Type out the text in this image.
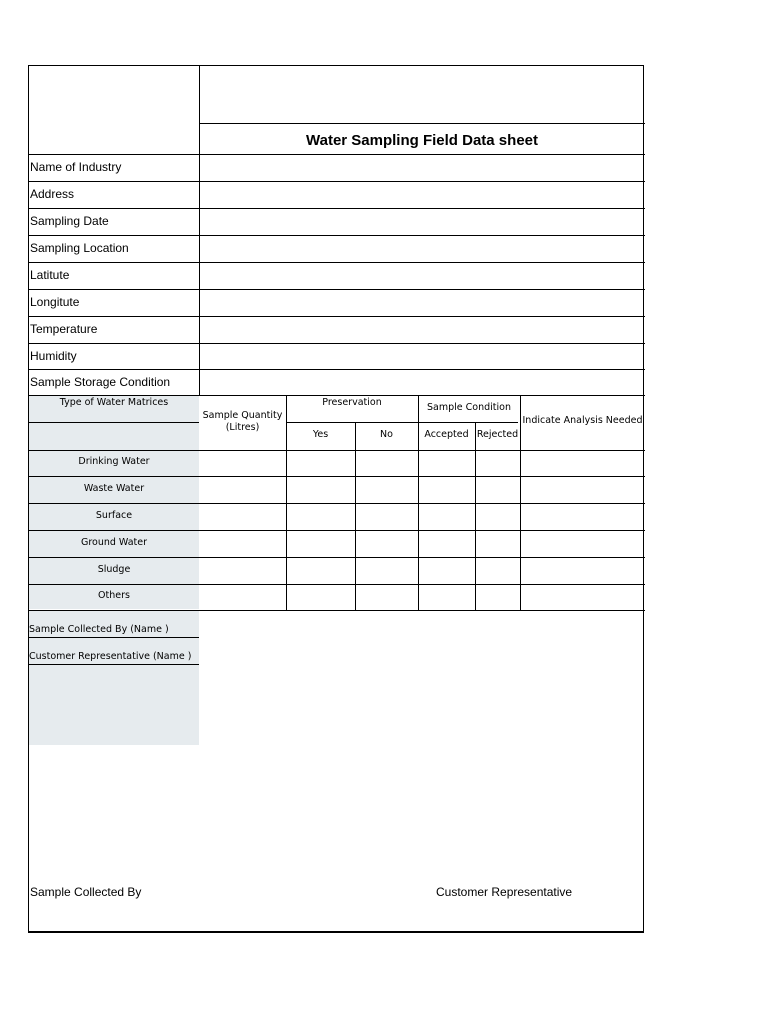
Water Sampling Field Data sheet
Name of Industry
Address
Sampling Date
Sampling Location
Latitute
Longitute
Temperature
Humidity
Sample Storage Condition
Type of Water Matrices
Sample Quantity
(Litres)
Preservation
Yes	No
Sample Condition
Accepted Rejected
Indicate Analysis Needed
Drinking Water
Waste Water
Surface
Ground Water
Sludge
Others
Sample Collected By (Name )
Customer Representative (Name )
Sample Collected By	Customer Representative
